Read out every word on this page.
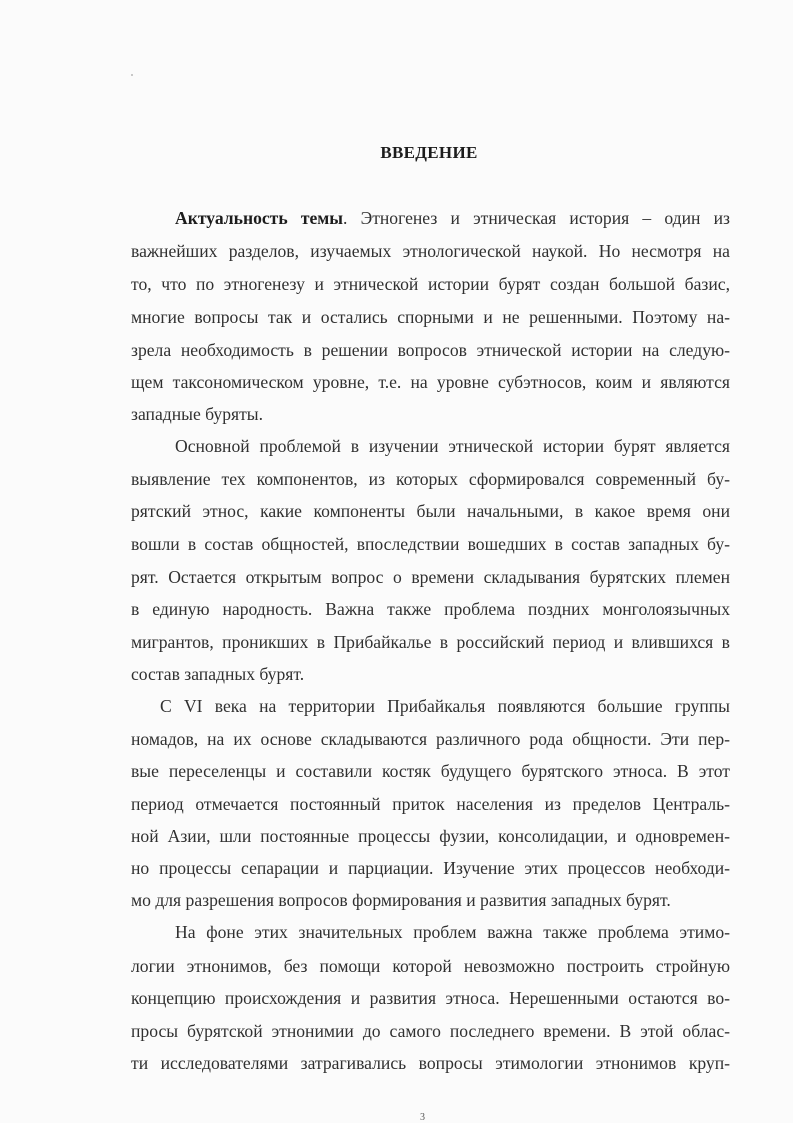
ВВЕДЕНИЕ
Актуальность темы. Этногенез и этническая история – один из
важнейших разделов, изучаемых этнологической наукой. Но несмотря на
то, что по этногенезу и этнической истории бурят создан большой базис,
многие вопросы так и остались спорными и не решенными. Поэтому на-
зрела необходимость в решении вопросов этнической истории на следую-
щем таксономическом уровне, т.е. на уровне субэтносов, коим и являются
западные буряты.
Основной проблемой в изучении этнической истории бурят является
выявление тех компонентов, из которых сформировался современный бу-
рятский этнос, какие компоненты были начальными, в какое время они
вошли в состав общностей, впоследствии вошедших в состав западных бу-
рят. Остается открытым вопрос о времени складывания бурятских племен
в единую народность. Важна также проблема поздних монголоязычных
мигрантов, проникших в Прибайкалье в российский период и влившихся в
состав западных бурят.
С VI века на территории Прибайкалья появляются большие группы
номадов, на их основе складываются различного рода общности. Эти пер-
вые переселенцы и составили костяк будущего бурятского этноса. В этот
период отмечается постоянный приток населения из пределов Централь-
ной Азии, шли постоянные процессы фузии, консолидации, и одновремен-
но процессы сепарации и парциации. Изучение этих процессов необходи-
мо для разрешения вопросов формирования и развития западных бурят.
На фоне этих значительных проблем важна также проблема этимо-
логии этнонимов, без помощи которой невозможно построить стройную
концепцию происхождения и развития этноса. Нерешенными остаются во-
просы бурятской этнонимии до самого последнего времени. В этой облас-
ти исследователями затрагивались вопросы этимологии этнонимов круп-
3
